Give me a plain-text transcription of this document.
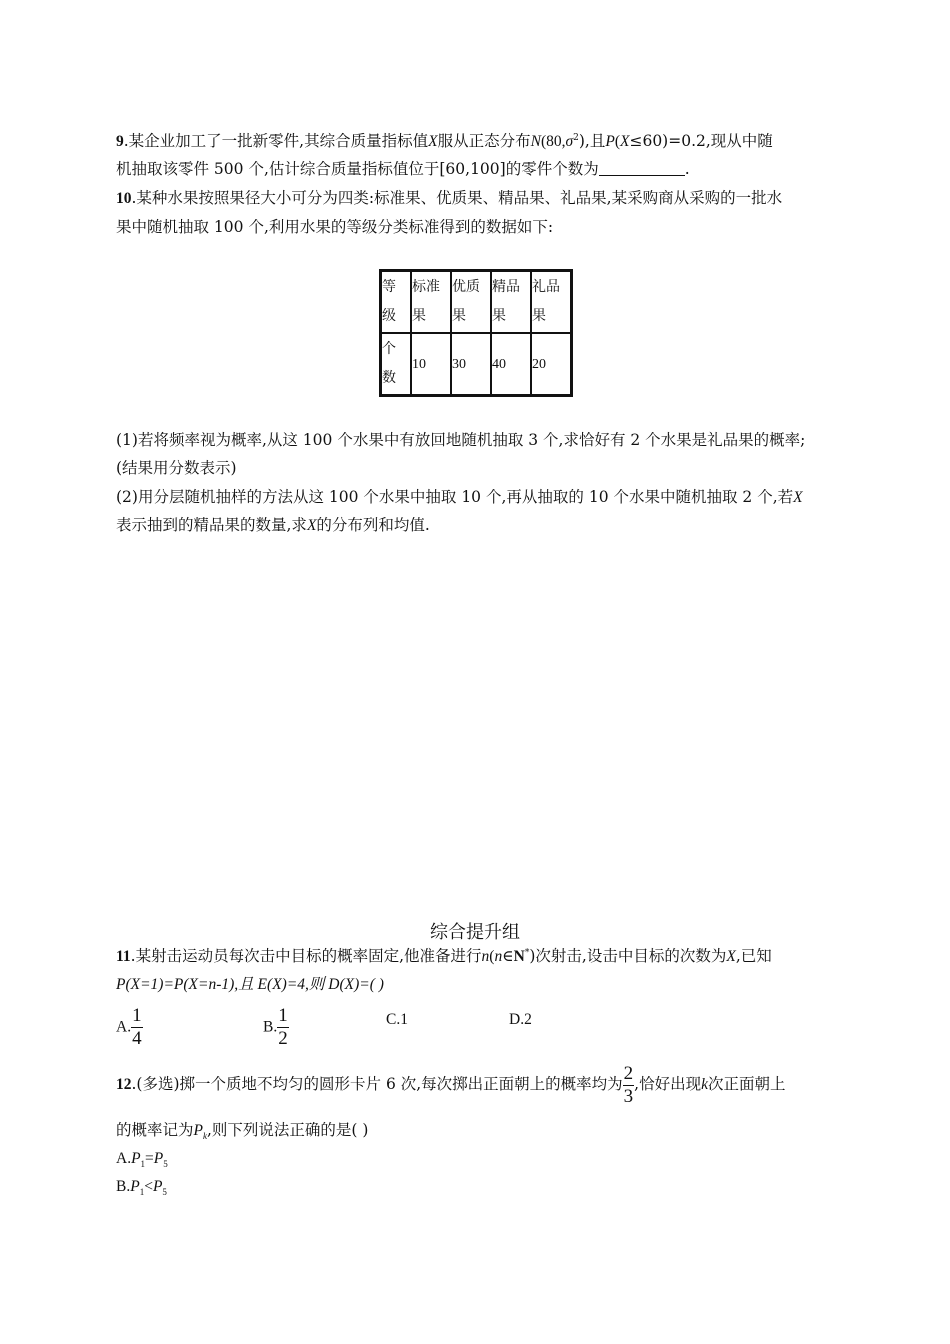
9.某企业加工了一批新零件,其综合质量指标值X服从正态分布$N(80,\sigma^2)$,且P(X≤60)=0.2,现从中随
机抽取该零件 500 个,估计综合质量指标值位于[60,100]的零件个数为	.
10.某种水果按照果径大小可分为四类:标准果、优质果、精品果、礼品果,某采购商从采购的一批水
果中随机抽取 100 个,利用水果的等级分类标准得到的数据如下:
等级	标准果	优质果	精品果	礼品果

个数	10	30	40	20
(1)若将频率视为概率,从这 100 个水果中有放回地随机抽取 3 个,求恰好有 2 个水果是礼品果的概率;
(结果用分数表示)
(2)用分层随机抽样的方法从这 100 个水果中抽取 10 个,再从抽取的 10 个水果中随机抽取 2 个,若X
表示抽到的精品果的数量,求X的分布列和均值.
综合提升组
11.某射击运动员每次击中目标的概率固定,他准备进行n(n∈N*)次射击,设击中目标的次数为X,已知
P(X=1)=P(X=n-1),且 E(X)=4,则 D(X)=( )
A. $\frac{1}{4}$	B. $\frac{1}{2}$	C.1	D.2
12.(多选)掷一个质地不均匀的圆形卡片 6 次,每次掷出正面朝上的概率均为 $\frac{2}{3}$ ,恰好出现k次正面朝上
的概率记为$P_k$,则下列说法正确的是( )
$A.P_1=P_5$
$B.P_1<P_5$
